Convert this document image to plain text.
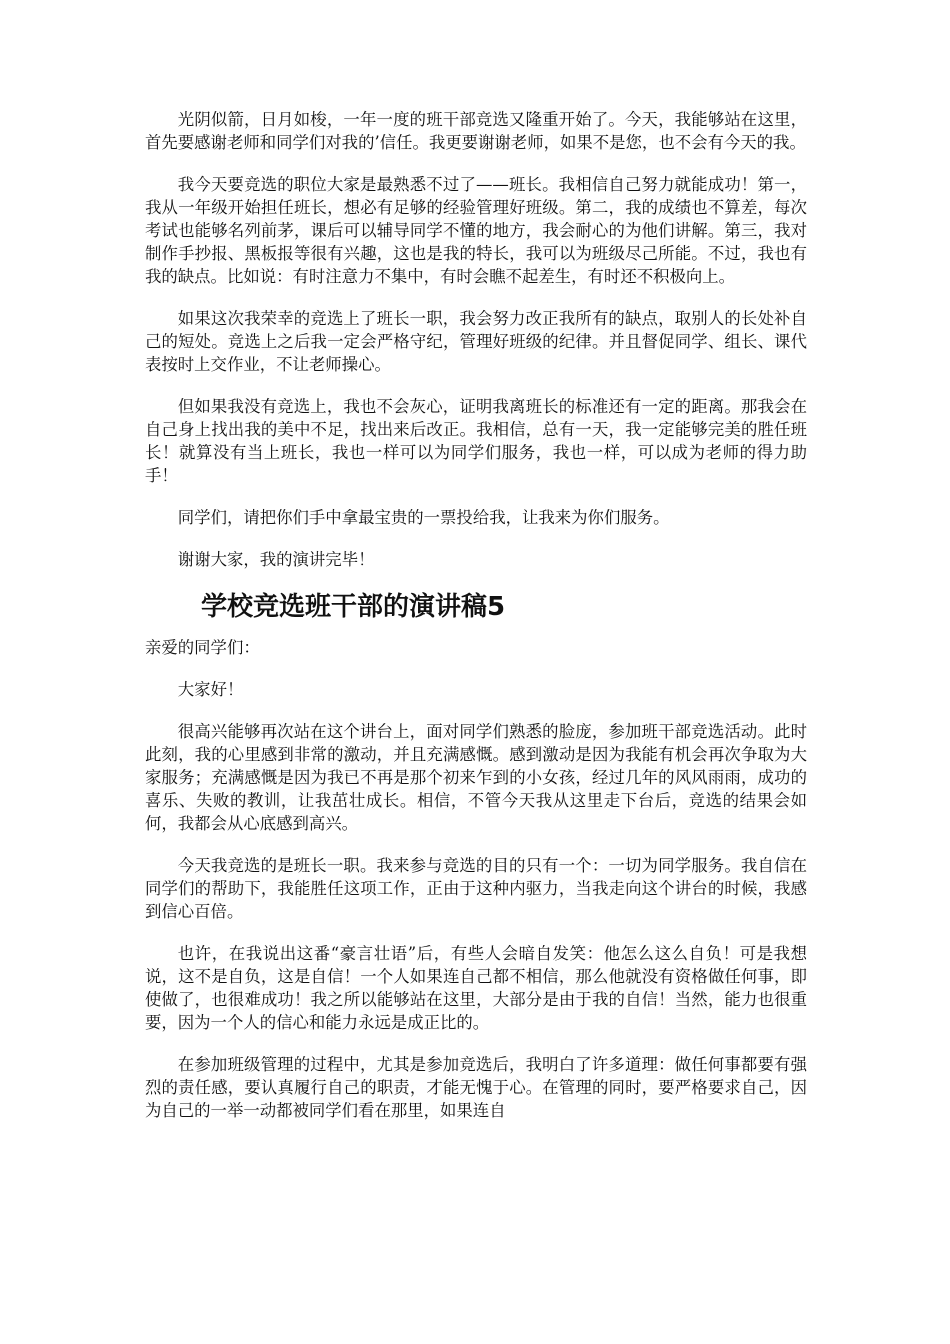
光阴似箭，日月如梭，一年一度的班干部竞选又隆重开始了。今天，我能够站在这里，首先要感谢老师和同学们对我的’信任。我更要谢谢老师，如果不是您，也不会有今天的我。

我今天要竞选的职位大家是最熟悉不过了——班长。我相信自己努力就能成功！第一，我从一年级开始担任班长，想必有足够的经验管理好班级。第二，我的成绩也不算差，每次考试也能够名列前茅，课后可以辅导同学不懂的地方，我会耐心的为他们讲解。第三，我对制作手抄报、黑板报等很有兴趣，这也是我的特长，我可以为班级尽己所能。不过，我也有我的缺点。比如说：有时注意力不集中，有时会瞧不起差生，有时还不积极向上。

如果这次我荣幸的竞选上了班长一职，我会努力改正我所有的缺点，取别人的长处补自己的短处。竞选上之后我一定会严格守纪，管理好班级的纪律。并且督促同学、组长、课代表按时上交作业，不让老师操心。

但如果我没有竞选上，我也不会灰心，证明我离班长的标准还有一定的距离。那我会在自己身上找出我的美中不足，找出来后改正。我相信，总有一天，我一定能够完美的胜任班长！就算没有当上班长，我也一样可以为同学们服务，我也一样，可以成为老师的得力助手！

同学们，请把你们手中拿最宝贵的一票投给我，让我来为你们服务。

谢谢大家，我的演讲完毕！

学校竞选班干部的演讲稿5

亲爱的同学们：

大家好！

很高兴能够再次站在这个讲台上，面对同学们熟悉的脸庞，参加班干部竞选活动。此时此刻，我的心里感到非常的激动，并且充满感慨。感到激动是因为我能有机会再次争取为大家服务；充满感慨是因为我已不再是那个初来乍到的小女孩，经过几年的风风雨雨，成功的喜乐、失败的教训，让我茁壮成长。相信，不管今天我从这里走下台后，竞选的结果会如何，我都会从心底感到高兴。

今天我竞选的是班长一职。我来参与竞选的目的只有一个：一切为同学服务。我自信在同学们的帮助下，我能胜任这项工作，正由于这种内驱力，当我走向这个讲台的时候，我感到信心百倍。

也许，在我说出这番“豪言壮语”后，有些人会暗自发笑：他怎么这么自负！可是我想说，这不是自负，这是自信！一个人如果连自己都不相信，那么他就没有资格做任何事，即使做了，也很难成功！我之所以能够站在这里，大部分是由于我的自信！当然，能力也很重要，因为一个人的信心和能力永远是成正比的。

在参加班级管理的过程中，尤其是参加竞选后，我明白了许多道理：做任何事都要有强烈的责任感，要认真履行自己的职责，才能无愧于心。在管理的同时，要严格要求自己，因为自己的一举一动都被同学们看在那里，如果连自
